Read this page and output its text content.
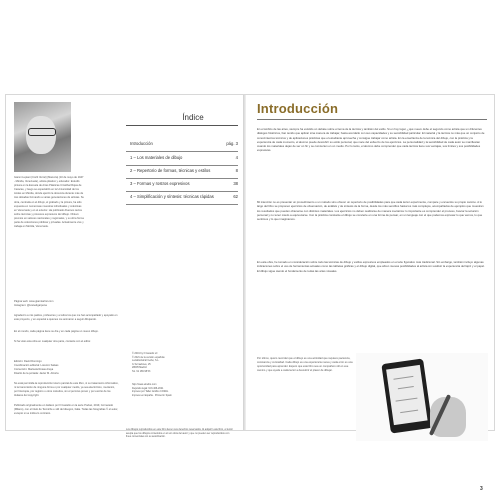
Gianni Lupiani (Cortil Verrel) (Manoza) (10 de mayo de 1947 - Mérida, Venezuela), artista plástico y educador. Estudió pintura en la Escuela de Artes Plásticas Cristóbal Rojas de Caracas, y luego se especializó en la Universidad de los Andes en Mérida, donde ejerció la docencia durante más de tres décadas formando a varias generaciones de artistas. Su obra, centrada en el dibujo, el grabado y la pintura, ha sido expuesta en numerosas muestras individuales y colectivas en Venezuela y en el exterior. Ha publicado diversos textos sobre técnicas y procesos expresivos del dibujo. Obtuvo premios en salones nacionales y regionales, y su obra forma parte de colecciones públicas y privadas. Actualmente vive y trabaja en Mérida, Venezuela.
Página web: www.gianniartist.com
Instagram: @ivanedgarpena
Agradezco a mis padres, profesores y a todos los que me han acompañado y apoyado en este proyecto, y en especial a quienes me animaron a seguir dibujando.
En el mundo, cada página tiene su día y en cada página un nuevo dibujo.
Si ha visto esta obra en cualquier otra parte, contacte con el editor.
Edición: David Domingo
Coordinación editorial: Lorenzo Salsas
Corrección: Marisela Rosas Araya
Diseño de la portada: Javier M. Alcorta
No está permitida la reproducción total o parcial de este libro, ni su tratamiento informático, ni la transmisión de ninguna forma o por cualquier medio, ya sea electrónico, mecánico, por fotocopia, por registro u otros métodos, sin el permiso previo y por escrito de los titulares del copyright.
Publicado originalmente en italiano por Il Castello en la serie Pocket, 2019, Cornaredo (Milano), con el título de Tecniche e stili del disegno, Italia. Todas las fotografías © el autor, excepto si se indica lo contrario.
© 2019 by Il Castello srl
© 2021 de la versión española:
La Editorial El Ceibo, S.L.
C/ Armadores, 25
28005 Madrid
Tel. 91 189 98 53
http://www.elceibo.com
Depósito legal: M-6.406-2021
Impreso por Taller Gráfico CORAL
Impreso en España · Printed in Spain
Los dibujos reproducidos en este libro tienen sus derechos reservados. Al adquirir este libro, el lector acepta que los dibujos contenidos en él son obra del autor y que no pueden ser reproducidos con fines comerciales sin su autorización.
Índice
Introducción	pág. 3
1 – Los materiales de dibujo	4
2 – Repertorio de formas, técnicas y estilos	8
3 – Formas y rostros expresivos	38
4 – Simplificación y síntesis: técnicas rápidas	62
Introducción
En el ámbito de las artes, siempre ha existido un debate sobre el tema de la técnica y también del estilo. Si en hoy lugar, ¿qué nuevo debe el segundo como artista que un diferentes diálogos históricos, han tenido que aplicar sina manera de trabajar, hasta acordarlo con sus capacidades y su sensibilidad particular. El material y la técnica no más que un conjunto de conocimientos técnicos y de aplicaciones prácticas que el estudiante aprovecha y consigue trabajar como artista. En la enseñanza de la técnica del dibujo, con la práctica y la experiencia de cada momento, el alumno puede descubrir su estilo personal, que nace del esfuerzo de los ejercicios. La personalidad y la sensibilidad de cada autor se manifiestan cuando los materiales dejan de ser un fin y se convierten en un medio. Por lo tanto, el alumno debe comprender que cada técnica tiene sus ventajas, sus límites y sus posibilidades expresivas.
Mi intención no es presentar un procedimiento o un método sino ofrecer un repertorio de posibilidades para que cada lector experimente, compare y encuentre su propio camino. A lo largo del libro se proponen ejercicios de observación, de análisis y de síntesis de la forma, desde los más sencillos hasta los más complejos, acompañados de ejemplos que muestran los resultados que pueden obtenerse con distintos materiales. Los ejercicios no deben realizarse de manera mecánica: lo importante es comprender el proceso, buscar la solución personal y no tener miedo a equivocarse. Con la práctica constante el dibujo se convierte en una forma de pensar, en un lenguaje con el que podemos expresar lo que vemos, lo que sentimos y lo que imaginamos.
En esta obra, he tomado en consideración sobre todo las técnicas de dibujo y estilos expresivos empleados en el arte figurativo más tradicional. Sin embargo, también incluyo algunas indicaciones sobre el uso de herramientas actuales como las tabletas gráficas y el dibujo digital, que abren nuevas posibilidades al artista sin sustituir la experiencia del lápiz y el papel. El dibujo sigue siendo el fundamento de todas las artes visuales.
Por último, quiero recordar que el dibujo es una actividad que requiere paciencia, constancia y curiosidad. Cada dibujo es una experiencia nueva y cada error es una oportunidad para aprender. Espero que este libro sea un compañero útil en ese camino y que ayude a cada lector a descubrir el placer de dibujar.
3
